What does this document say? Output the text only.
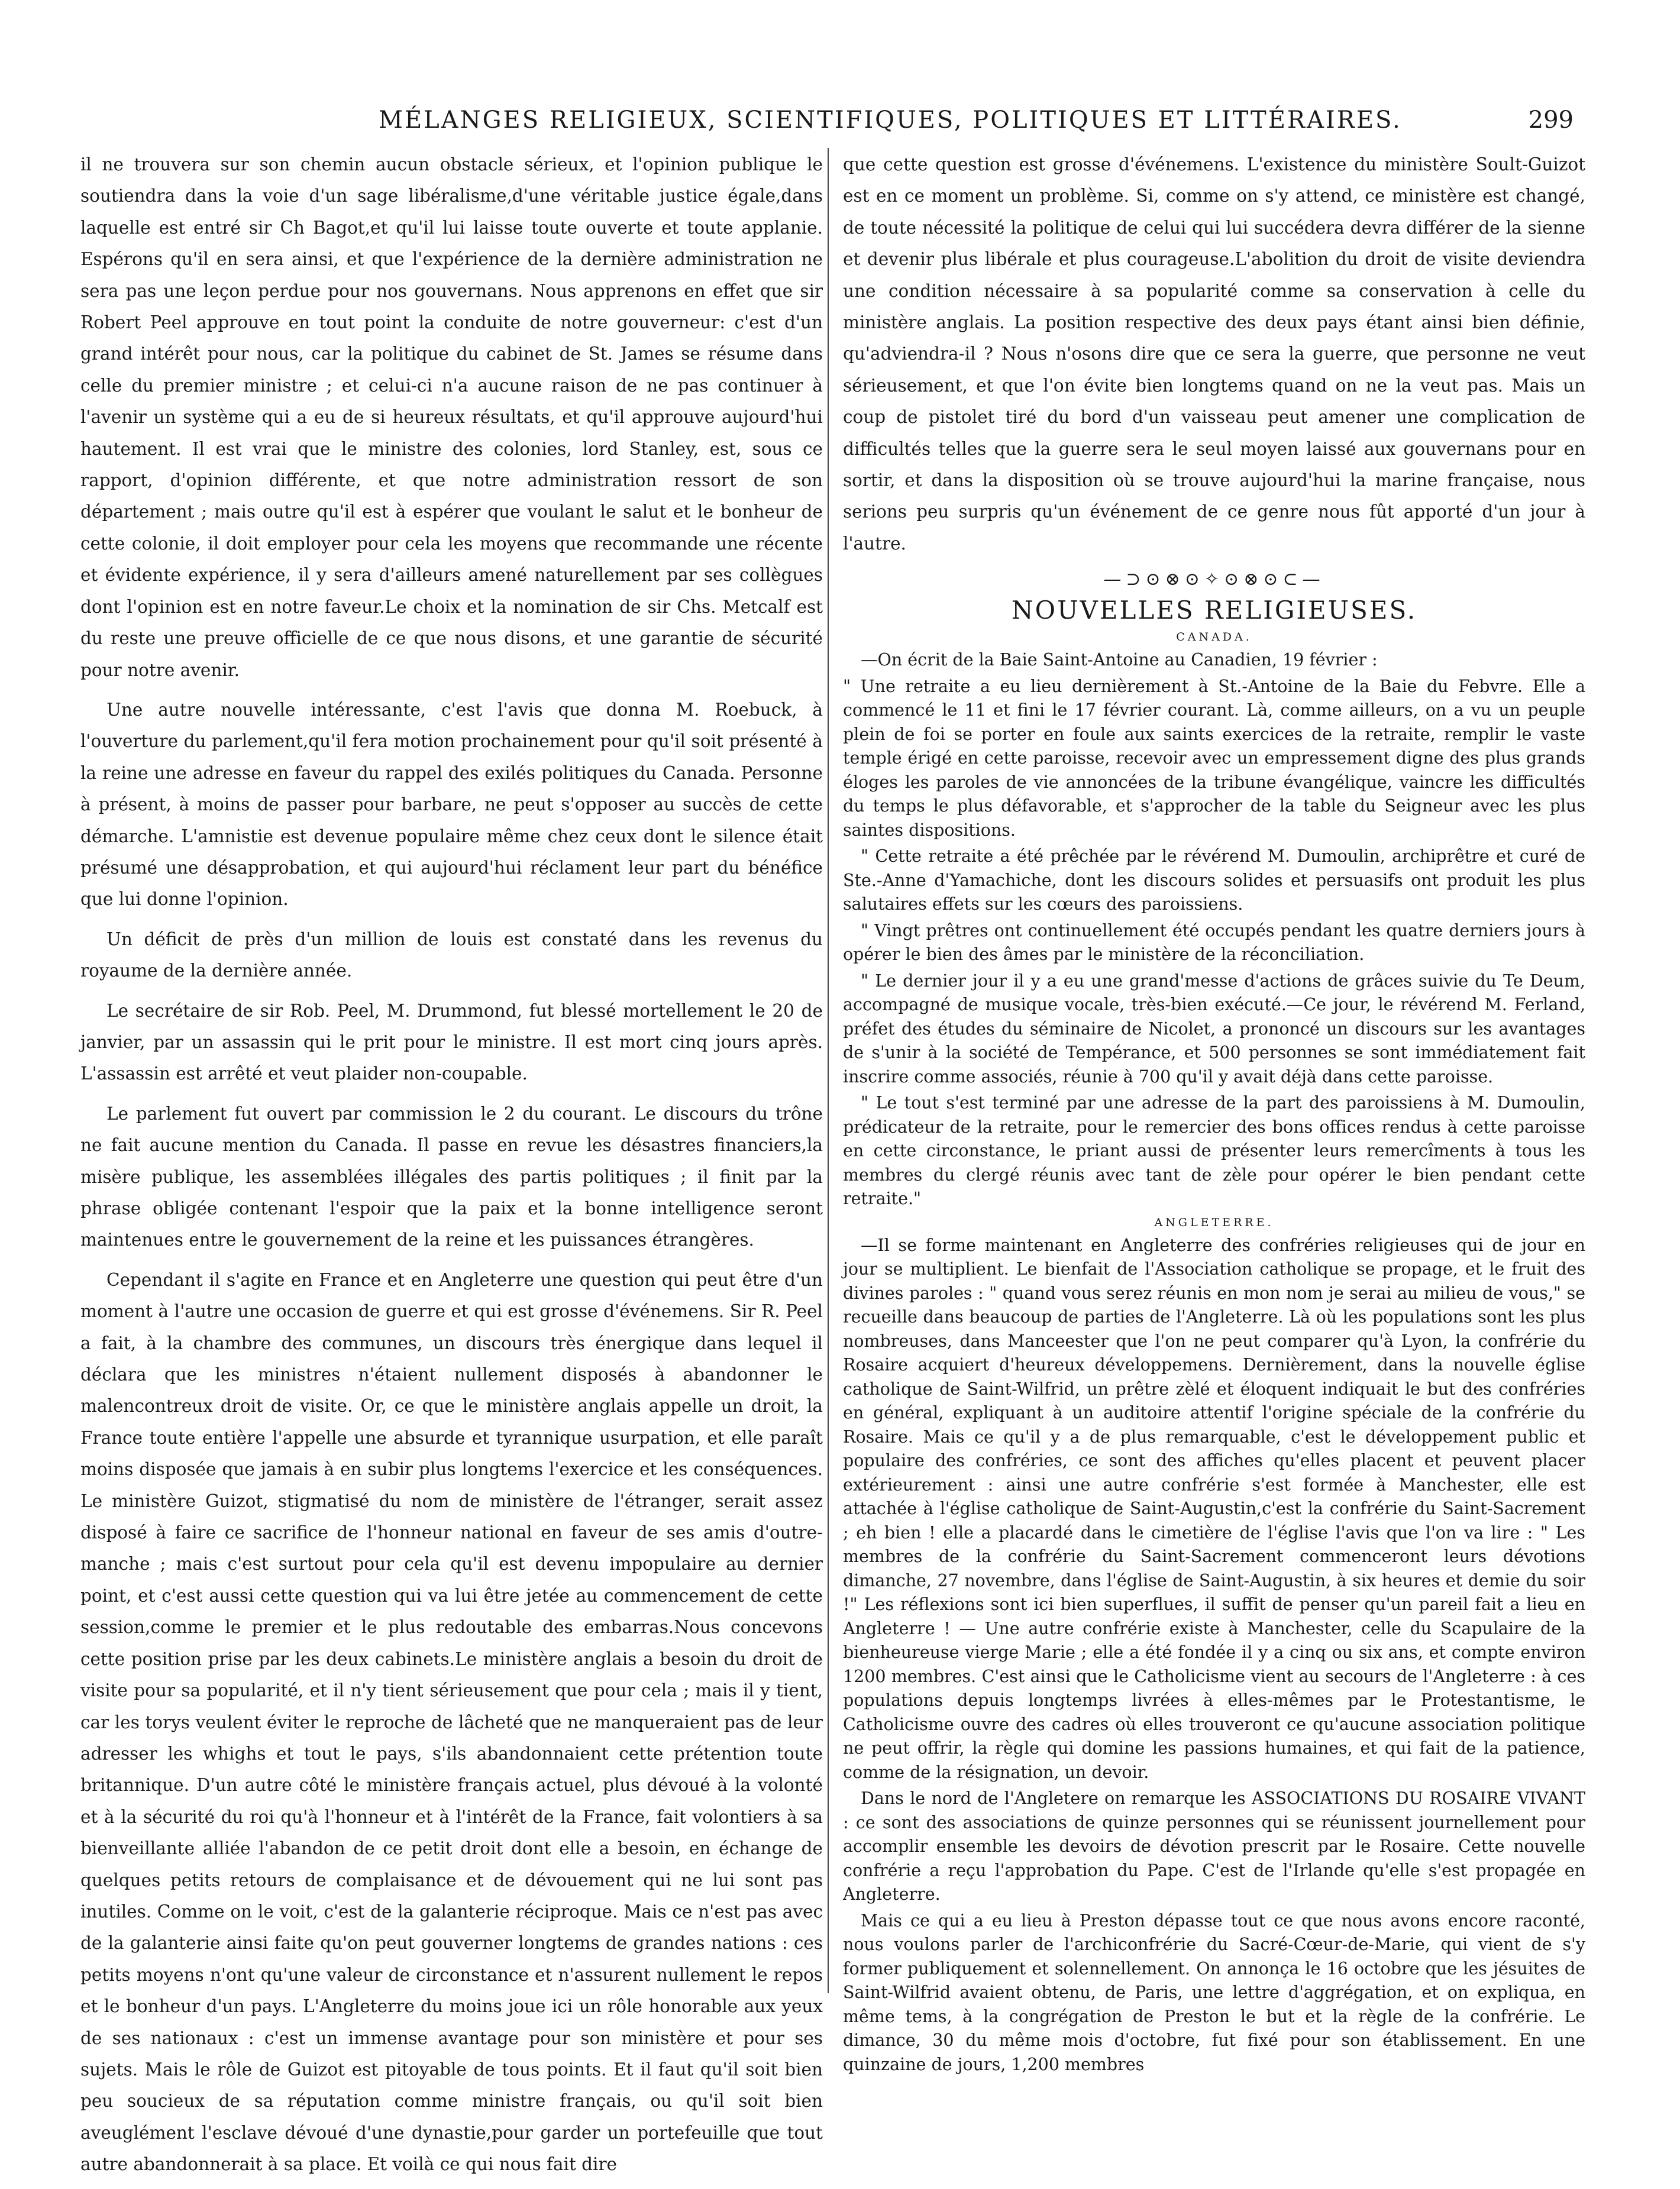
MÉLANGES RELIGIEUX, SCIENTIFIQUES, POLITIQUES ET LITTÉRAIRES.	299

il ne trouvera sur son chemin aucun obstacle sérieux, et l'opinion publique le soutiendra dans la voie d'un sage libéralisme,d'une véritable justice égale,dans laquelle est entré sir Ch Bagot,et qu'il lui laisse toute ouverte et toute applanie. Espérons qu'il en sera ainsi, et que l'expérience de la dernière administration ne sera pas une leçon perdue pour nos gouvernans. Nous apprenons en effet que sir Robert Peel approuve en tout point la conduite de notre gouverneur: c'est d'un grand intérêt pour nous, car la politique du cabinet de St. James se résume dans celle du premier ministre ; et celui-ci n'a aucune raison de ne pas continuer à l'avenir un système qui a eu de si heureux résultats, et qu'il approuve aujourd'hui hautement. Il est vrai que le ministre des colonies, lord Stanley, est, sous ce rapport, d'opinion différente, et que notre administration ressort de son département ; mais outre qu'il est à espérer que voulant le salut et le bonheur de cette colonie, il doit employer pour cela les moyens que recommande une récente et évidente expérience, il y sera d'ailleurs amené naturellement par ses collègues dont l'opinion est en notre faveur.Le choix et la nomination de sir Chs. Metcalf est du reste une preuve officielle de ce que nous disons, et une garantie de sécurité pour notre avenir.

Une autre nouvelle intéressante, c'est l'avis que donna M. Roebuck, à l'ouverture du parlement,qu'il fera motion prochainement pour qu'il soit présenté à la reine une adresse en faveur du rappel des exilés politiques du Canada. Personne à présent, à moins de passer pour barbare, ne peut s'opposer au succès de cette démarche. L'amnistie est devenue populaire même chez ceux dont le silence était présumé une désapprobation, et qui aujourd'hui réclament leur part du bénéfice que lui donne l'opinion.

Un déficit de près d'un million de louis est constaté dans les revenus du royaume de la dernière année.

Le secrétaire de sir Rob. Peel, M. Drummond, fut blessé mortellement le 20 de janvier, par un assassin qui le prit pour le ministre. Il est mort cinq jours après. L'assassin est arrêté et veut plaider non-coupable.

Le parlement fut ouvert par commission le 2 du courant. Le discours du trône ne fait aucune mention du Canada. Il passe en revue les désastres financiers,la misère publique, les assemblées illégales des partis politiques ; il finit par la phrase obligée contenant l'espoir que la paix et la bonne intelligence seront maintenues entre le gouvernement de la reine et les puissances étrangères.

Cependant il s'agite en France et en Angleterre une question qui peut être d'un moment à l'autre une occasion de guerre et qui est grosse d'événemens. Sir R. Peel a fait, à la chambre des communes, un discours très énergique dans lequel il déclara que les ministres n'étaient nullement disposés à abandonner le malencontreux droit de visite. Or, ce que le ministère anglais appelle un droit, la France toute entière l'appelle une absurde et tyrannique usurpation, et elle paraît moins disposée que jamais à en subir plus longtems l'exercice et les conséquences. Le ministère Guizot, stigmatisé du nom de ministère de l'étranger, serait assez disposé à faire ce sacrifice de l'honneur national en faveur de ses amis d'outre-manche ; mais c'est surtout pour cela qu'il est devenu impopulaire au dernier point, et c'est aussi cette question qui va lui être jetée au commencement de cette session,comme le premier et le plus redoutable des embarras.Nous concevons cette position prise par les deux cabinets.Le ministère anglais a besoin du droit de visite pour sa popularité, et il n'y tient sérieusement que pour cela ; mais il y tient, car les torys veulent éviter le reproche de lâcheté que ne manqueraient pas de leur adresser les whighs et tout le pays, s'ils abandonnaient cette prétention toute britannique. D'un autre côté le ministère français actuel, plus dévoué à la volonté et à la sécurité du roi qu'à l'honneur et à l'intérêt de la France, fait volontiers à sa bienveillante alliée l'abandon de ce petit droit dont elle a besoin, en échange de quelques petits retours de complaisance et de dévouement qui ne lui sont pas inutiles. Comme on le voit, c'est de la galanterie réciproque. Mais ce n'est pas avec de la galanterie ainsi faite qu'on peut gouverner longtems de grandes nations : ces petits moyens n'ont qu'une valeur de circonstance et n'assurent nullement le repos et le bonheur d'un pays. L'Angleterre du moins joue ici un rôle honorable aux yeux de ses nationaux : c'est un immense avantage pour son ministère et pour ses sujets. Mais le rôle de Guizot est pitoyable de tous points. Et il faut qu'il soit bien peu soucieux de sa réputation comme ministre français, ou qu'il soit bien aveuglément l'esclave dévoué d'une dynastie,pour garder un portefeuille que tout autre abandonnerait à sa place. Et voilà ce qui nous fait dire

que cette question est grosse d'événemens. L'existence du ministère Soult-Guizot est en ce moment un problème. Si, comme on s'y attend, ce ministère est changé, de toute nécessité la politique de celui qui lui succédera devra différer de la sienne et devenir plus libérale et plus courageuse.L'abolition du droit de visite deviendra une condition nécessaire à sa popularité comme sa conservation à celle du ministère anglais. La position respective des deux pays étant ainsi bien définie, qu'adviendra-il ? Nous n'osons dire que ce sera la guerre, que personne ne veut sérieusement, et que l'on évite bien longtems quand on ne la veut pas. Mais un coup de pistolet tiré du bord d'un vaisseau peut amener une complication de difficultés telles que la guerre sera le seul moyen laissé aux gouvernans pour en sortir, et dans la disposition où se trouve aujourd'hui la marine française, nous serions peu surpris qu'un événement de ce genre nous fût apporté d'un jour à l'autre.

—⊃⊙⊗⊙✧⊙⊗⊙⊂—
NOUVELLES RELIGIEUSES.
CANADA.

—On écrit de la Baie Saint-Antoine au Canadien, 19 février :

" Une retraite a eu lieu dernièrement à St.-Antoine de la Baie du Febvre. Elle a commencé le 11 et fini le 17 février courant. Là, comme ailleurs, on a vu un peuple plein de foi se porter en foule aux saints exercices de la retraite, remplir le vaste temple érigé en cette paroisse, recevoir avec un empressement digne des plus grands éloges les paroles de vie annoncées de la tribune évangélique, vaincre les difficultés du temps le plus défavorable, et s'approcher de la table du Seigneur avec les plus saintes dispositions.

" Cette retraite a été prêchée par le révérend M. Dumoulin, archiprêtre et curé de Ste.-Anne d'Yamachiche, dont les discours solides et persuasifs ont produit les plus salutaires effets sur les cœurs des paroissiens.

" Vingt prêtres ont continuellement été occupés pendant les quatre derniers jours à opérer le bien des âmes par le ministère de la réconciliation.

" Le dernier jour il y a eu une grand'messe d'actions de grâces suivie du Te Deum, accompagné de musique vocale, très-bien exécuté.—Ce jour, le révérend M. Ferland, préfet des études du séminaire de Nicolet, a prononcé un discours sur les avantages de s'unir à la société de Tempérance, et 500 personnes se sont immédiatement fait inscrire comme associés, réunie à 700 qu'il y avait déjà dans cette paroisse.

" Le tout s'est terminé par une adresse de la part des paroissiens à M. Dumoulin, prédicateur de la retraite, pour le remercier des bons offices rendus à cette paroisse en cette circonstance, le priant aussi de présenter leurs remercîments à tous les membres du clergé réunis avec tant de zèle pour opérer le bien pendant cette retraite."

ANGLETERRE.

—Il se forme maintenant en Angleterre des confréries religieuses qui de jour en jour se multiplient. Le bienfait de l'Association catholique se propage, et le fruit des divines paroles : " quand vous serez réunis en mon nom je serai au milieu de vous," se recueille dans beaucoup de parties de l'Angleterre. Là où les populations sont les plus nombreuses, dans Manceester que l'on ne peut comparer qu'à Lyon, la confrérie du Rosaire acquiert d'heureux développemens. Dernièrement, dans la nouvelle église catholique de Saint-Wilfrid, un prêtre zèlé et éloquent indiquait le but des confréries en général, expliquant à un auditoire attentif l'origine spéciale de la confrérie du Rosaire. Mais ce qu'il y a de plus remarquable, c'est le développement public et populaire des confréries, ce sont des affiches qu'elles placent et peuvent placer extérieurement : ainsi une autre confrérie s'est formée à Manchester, elle est attachée à l'église catholique de Saint-Augustin,c'est la confrérie du Saint-Sacrement ; eh bien ! elle a placardé dans le cimetière de l'église l'avis que l'on va lire : " Les membres de la confrérie du Saint-Sacrement commenceront leurs dévotions dimanche, 27 novembre, dans l'église de Saint-Augustin, à six heures et demie du soir !" Les réflexions sont ici bien superflues, il suffit de penser qu'un pareil fait a lieu en Angleterre ! — Une autre confrérie existe à Manchester, celle du Scapulaire de la bienheureuse vierge Marie ; elle a été fondée il y a cinq ou six ans, et compte environ 1200 membres. C'est ainsi que le Catholicisme vient au secours de l'Angleterre : à ces populations depuis longtemps livrées à elles-mêmes par le Protestantisme, le Catholicisme ouvre des cadres où elles trouveront ce qu'aucune association politique ne peut offrir, la règle qui domine les passions humaines, et qui fait de la patience, comme de la résignation, un devoir.

Dans le nord de l'Angletere on remarque les ASSOCIATIONS DU ROSAIRE VIVANT : ce sont des associations de quinze personnes qui se réunissent journellement pour accomplir ensemble les devoirs de dévotion prescrit par le Rosaire. Cette nouvelle confrérie a reçu l'approbation du Pape. C'est de l'Irlande qu'elle s'est propagée en Angleterre.

Mais ce qui a eu lieu à Preston dépasse tout ce que nous avons encore raconté, nous voulons parler de l'archiconfrérie du Sacré-Cœur-de-Marie, qui vient de s'y former publiquement et solennellement. On annonça le 16 octobre que les jésuites de Saint-Wilfrid avaient obtenu, de Paris, une lettre d'aggrégation, et on expliqua, en même tems, à la congrégation de Preston le but et la règle de la confrérie. Le dimance, 30 du même mois d'octobre, fut fixé pour son établissement. En une quinzaine de jours, 1,200 membres
